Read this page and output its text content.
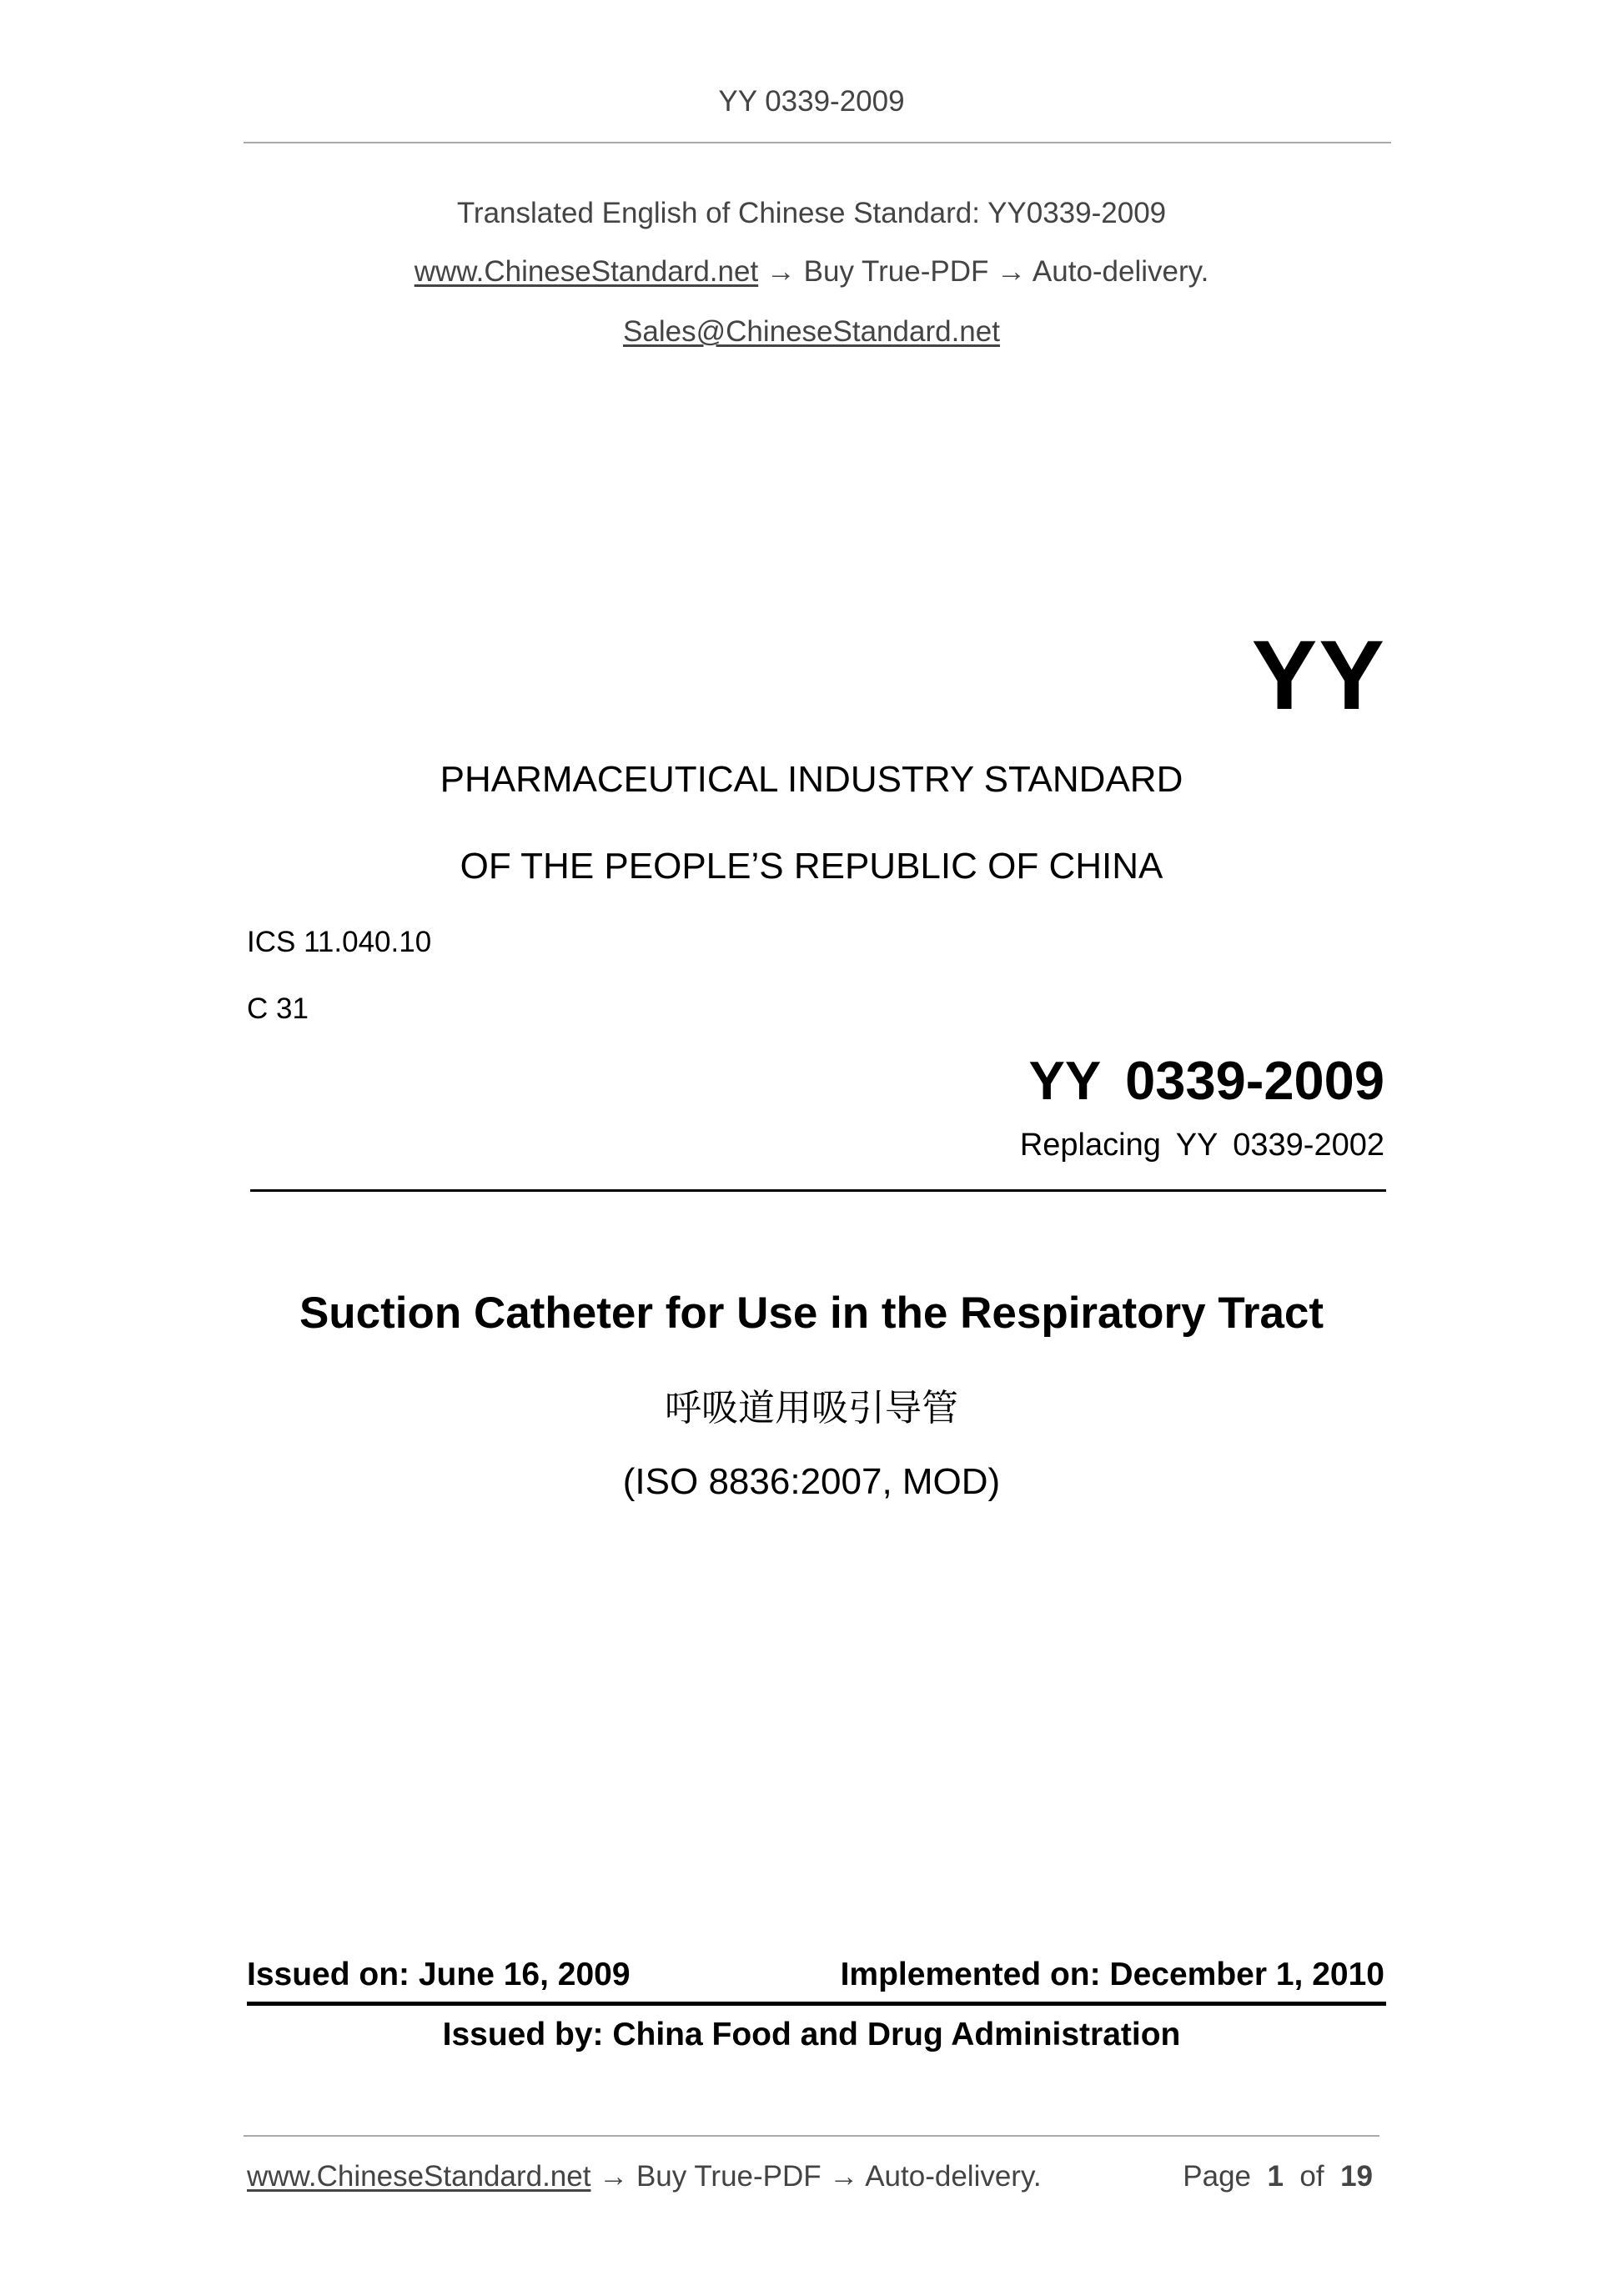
YY 0339-2009
Translated English of Chinese Standard: YY0339-2009
www.ChineseStandard.net → Buy True-PDF → Auto-delivery.
Sales@ChineseStandard.net
YY
PHARMACEUTICAL INDUSTRY STANDARD
OF THE PEOPLE’S REPUBLIC OF CHINA
ICS 11.040.10
C 31
YY 0339-2009
Replacing YY 0339-2002
Suction Catheter for Use in the Respiratory Tract
呼吸道用吸引导管
(ISO 8836:2007, MOD)
Issued on: June 16, 2009	Implemented on: December 1, 2010
Issued by: China Food and Drug Administration
www.ChineseStandard.net → Buy True-PDF → Auto-delivery.	Page 1 of 19
